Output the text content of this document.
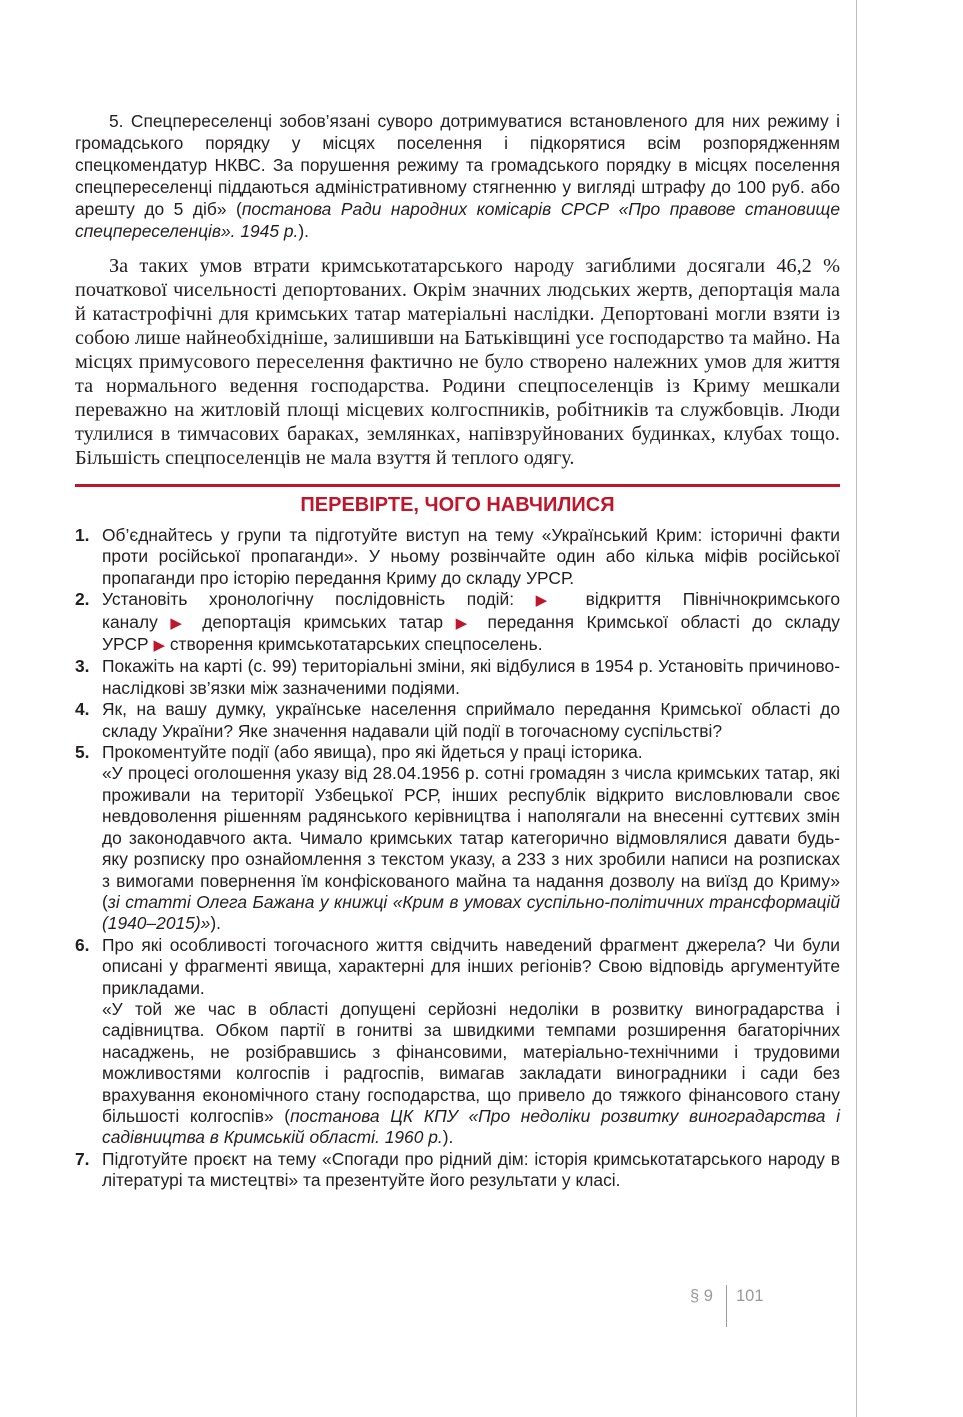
5. Спецпереселенці зобов’язані суворо дотримуватися встановленого для них режиму і громадського порядку у місцях поселення і підкорятися всім розпорядженням спецкомендатур НКВС. За порушення режиму та громадського порядку в місцях поселення спецпереселенці піддаються адміністративному стягненню у вигляді штрафу до 100 руб. або арешту до 5 діб» (постанова Ради народних комісарів СРСР «Про правове становище спецпереселенців». 1945 р.).

За таких умов втрати кримськотатарського народу загиблими досягали 46,2 % початкової чисельності депортованих. Окрім значних людських жертв, депортація мала й катастрофічні для кримських татар матеріальні наслідки. Депортовані могли взяти із собою лише найнеобхідніше, залишивши на Батьківщині усе господарство та майно. На місцях примусового переселення фактично не було створено належних умов для життя та нормального ведення господарства. Родини спецпоселенців із Криму мешкали переважно на житловій площі місцевих колгоспників, робітників та службовців. Люди тулилися в тимчасових бараках, землянках, напівзруйнованих будинках, клубах тощо. Більшість спецпоселенців не мала взуття й теплого одягу.

ПЕРЕВІРТЕ, ЧОГО НАВЧИЛИСЯ
1. Об’єднайтесь у групи та підготуйте виступ на тему «Український Крим: історичні факти проти російської пропаганди». У ньому розвінчайте один або кілька міфів російської пропаганди про історію передання Криму до складу УРСР.

2. Установіть хронологічну послідовність подій: ▶ відкриття Північнокримського каналу ▶ депортація кримських татар ▶ передання Кримської області до складу УРСР ▶ створення кримськотатарських спецпоселень.

3. Покажіть на карті (с. 99) територіальні зміни, які відбулися в 1954 р. Установіть причиново-наслідкові зв’язки між зазначеними подіями.

4. Як, на вашу думку, українське населення сприймало передання Кримської області до складу України? Яке значення надавали цій події в тогочасному суспільстві?

5. Прокоментуйте події (або явища), про які йдеться у праці історика.

«У процесі оголошення указу від 28.04.1956 р. сотні громадян з числа кримських татар, які проживали на території Узбецької РСР, інших республік відкрито висловлювали своє невдоволення рішенням радянського керівництва і наполягали на внесенні суттєвих змін до законодавчого акта. Чимало кримських татар категорично відмовлялися давати будь-яку розписку про ознайомлення з текстом указу, а 233 з них зробили написи на розписках з вимогами повернення їм конфіскованого майна та надання дозволу на виїзд до Криму» (зі статті Олега Бажана у книжці «Крим в умовах суспільно-політичних трансформацій (1940–2015)»).

6. Про які особливості тогочасного життя свідчить наведений фрагмент джерела? Чи були описані у фрагменті явища, характерні для інших регіонів? Свою відповідь аргументуйте прикладами.

«У той же час в області допущені серйозні недоліки в розвитку виноградарства і садівництва. Обком партії в гонитві за швидкими темпами розширення багаторічних насаджень, не розібравшись з фінансовими, матеріально-технічними і трудовими можливостями колгоспів і радгоспів, вимагав закладати виноградники і сади без врахування економічного стану господарства, що привело до тяжкого фінансового стану більшості колгоспів» (постанова ЦК КПУ «Про недоліки розвитку виноградарства і садівництва в Кримській області. 1960 р.).

7. Підготуйте проєкт на тему «Спогади про рідний дім: історія кримськотатарського народу в літературі та мистецтві» та презентуйте його результати у класі.

§ 9 101
